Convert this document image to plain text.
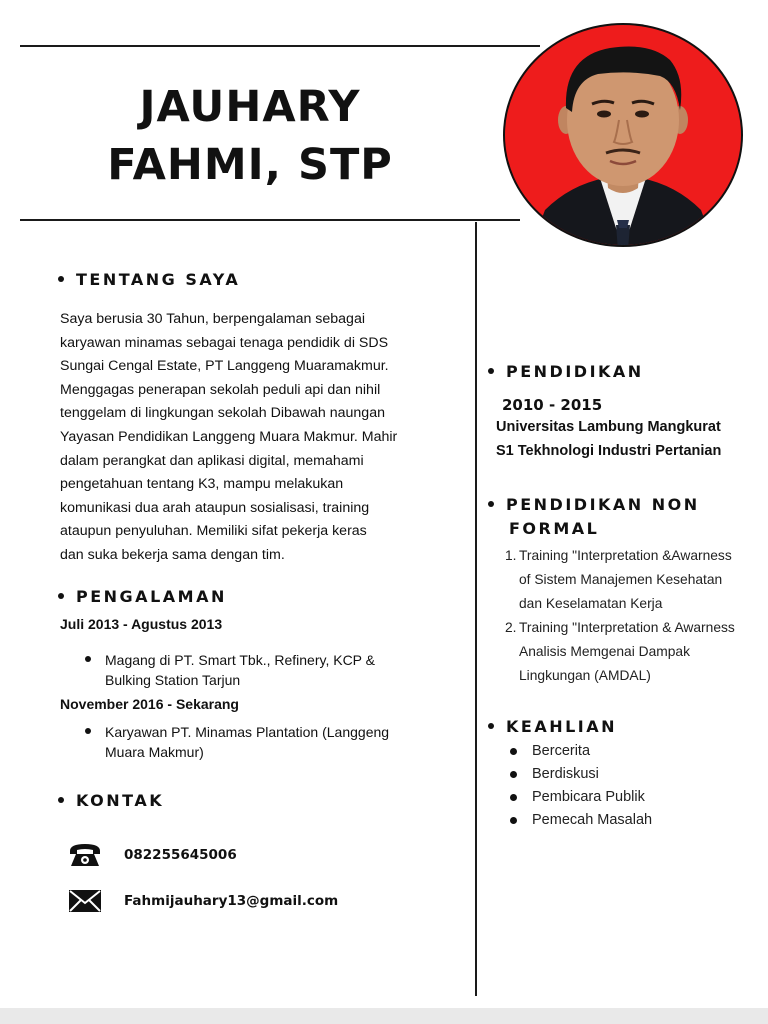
JAUHARY
FAHMI, STP
TENTANG SAYA
Saya berusia 30 Tahun, berpengalaman sebagai
karyawan minamas sebagai tenaga pendidik di SDS
Sungai Cengal Estate, PT Langgeng Muaramakmur.
Menggagas penerapan sekolah peduli api dan nihil
tenggelam di lingkungan sekolah Dibawah naungan
Yayasan Pendidikan Langgeng Muara Makmur. Mahir
dalam perangkat dan aplikasi digital, memahami
pengetahuan tentang K3, mampu melakukan
komunikasi dua arah ataupun sosialisasi, training
ataupun penyuluhan. Memiliki sifat pekerja keras
dan suka bekerja sama dengan tim.
PENGALAMAN
Juli 2013 - Agustus 2013
Magang di PT. Smart Tbk., Refinery, KCP &
Bulking Station Tarjun
November 2016 - Sekarang
Karyawan PT. Minamas Plantation (Langgeng
Muara Makmur)
KONTAK
082255645006
Fahmijauhary13@gmail.com
PENDIDIKAN
2010 - 2015
Universitas Lambung Mangkurat
S1 Tekhnologi Industri Pertanian
PENDIDIKAN NON
FORMAL
1. Training "Interpretation &Awarness
of Sistem Manajemen Kesehatan
dan Keselamatan Kerja
2. Training "Interpretation & Awarness
Analisis Memgenai Dampak
Lingkungan (AMDAL)
KEAHLIAN
Bercerita
Berdiskusi
Pembicara Publik
Pemecah Masalah
